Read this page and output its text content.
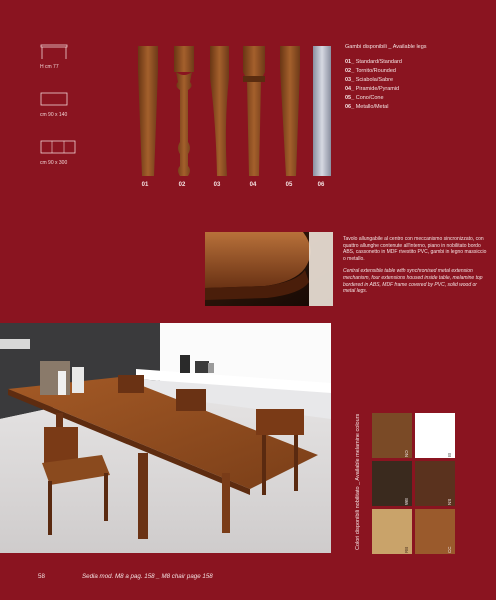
H cm 77
cm 90 x 140
cm 90 x 300
01	02	03	04	05	06
Gambi disponibili _ Available legs
01_ Standard/Standard
02_ Tornito/Rounded
03_ Sciabola/Sabre
04_ Piramide/Pyramid
05_ Cono/Cone
06_ Metallo/Metal
Tavolo allungabile al centro con meccanismo sincronizzato, con quattro allunghe contenute all'interno, piano in nobilitato bordo ABS, cassonetto in MDF rivestito PVC, gambi in legno massiccio o metallo.
Central extensible table with synchronised metal extension mechanism, four extensions housed inside table, melamine top bordered in ABS, MDF frame covered by PVC, solid wood or metal legs.
Colori disponibili nobilitato _ Available melamine colours	NO	BI
WE	NS
RB	CC
58	Sedia mod. M8 a pag. 158 _ M8 chair page 158
